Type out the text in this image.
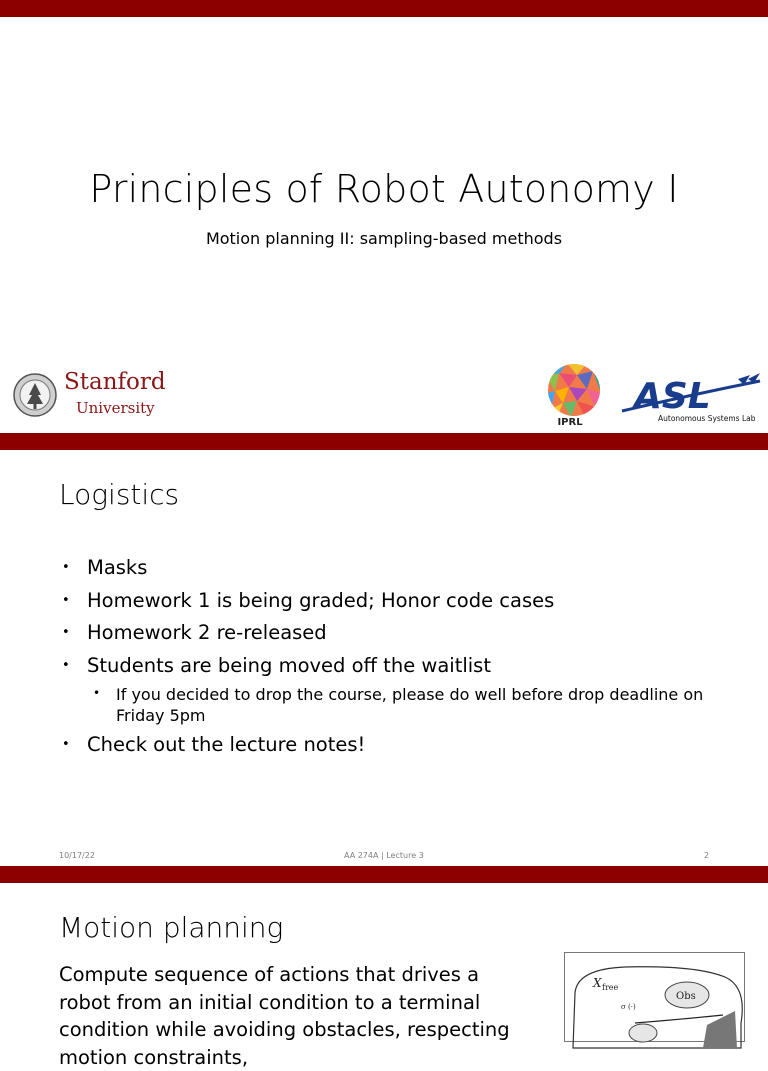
Principles of Robot Autonomy I
Motion planning II: sampling-based methods
Stanford
University
IPRL
ASL
Autonomous Systems Lab
Logistics
• Masks
• Homework 1 is being graded; Honor code cases
• Homework 2 re-released
• Students are being moved off the waitlist
• If you decided to drop the course, please do well before drop deadline on Friday 5pm
• Check out the lecture notes!
10/17/22	AA 274A | Lecture 3	2
Motion planning
Compute sequence of actions that drives a robot from an initial condition to a terminal condition while avoiding obstacles, respecting motion constraints,
X free
Obs
σ (·)
